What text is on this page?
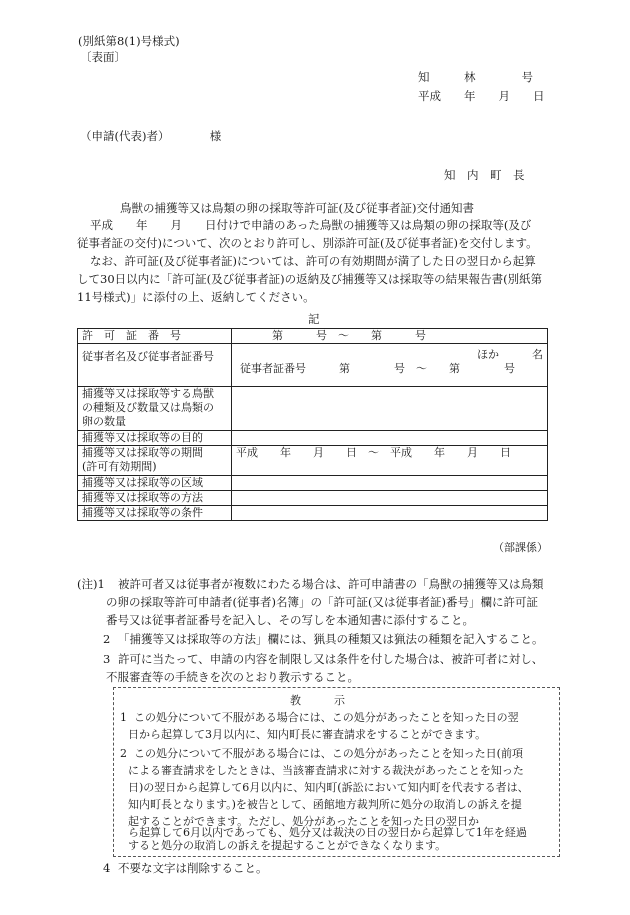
(別紙第8(1)号様式)
〔表面〕
知　　　林　　　　号
平成　　年　　月　　日
（申請(代表)者）　　　　様
知　内　町　長
鳥獣の捕獲等又は鳥類の卵の採取等許可証(及び従事者証)交付通知書
平成　　年　　月　　日付けで申請のあった鳥獣の捕獲等又は鳥類の卵の採取等(及び
従事者証の交付)について、次のとおり許可し、別添許可証(及び従事者証)を交付します。
なお、許可証(及び従事者証)については、許可の有効期間が満了した日の翌日から起算
して30日以内に「許可証(及び従事者証)の返納及び捕獲等又は採取等の結果報告書(別紙第
11号様式)」に添付の上、返納してください。
記
許　可　証　番　号	第　　　号　～　　第　　　号
従事者名及び従事者証番号	ほか　　　名
従事者証番号　　　第　　　　号　～　　第　　　　号

捕獲等又は採取等する鳥獣
の種類及び数量又は鳥類の
卵の数量	

捕獲等又は採取等の目的	

捕獲等又は採取等の期間
(許可有効期間)	平成　　年　　月　　日　～　平成　　年　　月　　日
捕獲等又は採取等の区域	
捕獲等又は採取等の方法	
捕獲等又は採取等の条件	
（部課係）
(注)1 被許可者又は従事者が複数にわたる場合は、許可申請書の「鳥獣の捕獲等又は鳥類
の卵の採取等許可申請者(従事者)名簿」の「許可証(又は従事者証)番号」欄に許可証
番号又は従事者証番号を記入し、その写しを本通知書に添付すること。
2 「捕獲等又は採取等の方法」欄には、猟具の種類又は猟法の種類を記入すること。
3 許可に当たって、申請の内容を制限し又は条件を付した場合は、被許可者に対し、
不服審査等の手続きを次のとおり教示すること。
教　　　示
1 この処分について不服がある場合には、この処分があったことを知った日の翌
日から起算して3月以内に、知内町長に審査請求をすることができます。
2 この処分について不服がある場合には、この処分があったことを知った日(前項
による審査請求をしたときは、当該審査請求に対する裁決があったことを知った
日)の翌日から起算して6月以内に、知内町(訴訟において知内町を代表する者は、
知内町長となります。)を被告として、函館地方裁判所に処分の取消しの訴えを提
起することができます。ただし、処分があったことを知った日の翌日か
ら起算して6月以内であっても、処分又は裁決の日の翌日から起算して1年を経過
すると処分の取消しの訴えを提起することができなくなります。
4 不要な文字は削除すること。
